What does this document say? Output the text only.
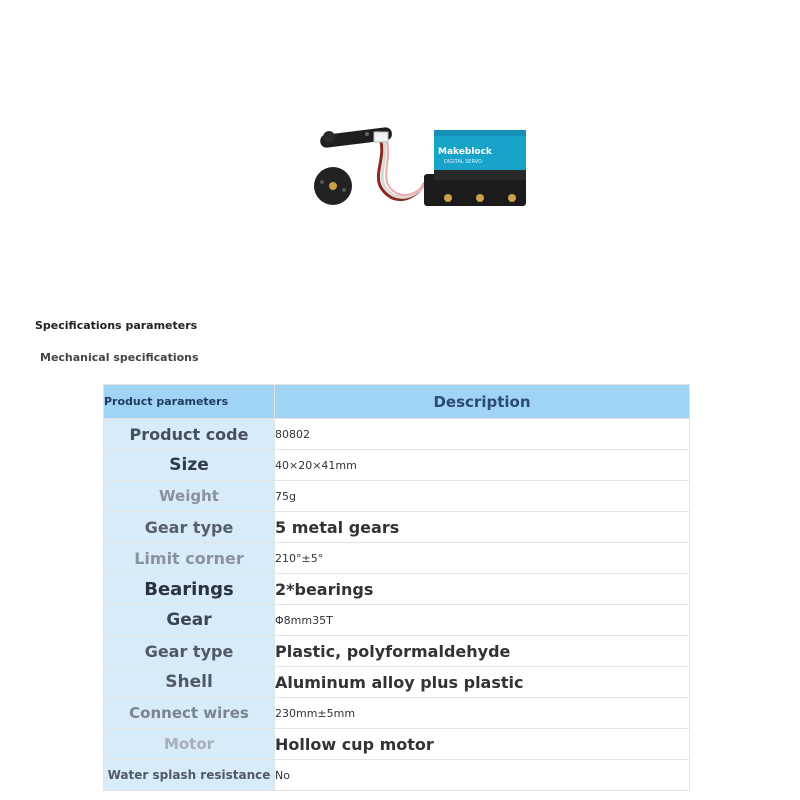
Makeblock
DIGITAL SERVO
Specifications parameters
Mechanical specifications
Product parameters	Description
Product code	80802
Size	40×20×41mm
Weight	75g
Gear type	5 metal gears
Limit corner	210°±5°
Bearings	2*bearings
Gear	Φ8mm35T
Gear type	Plastic, polyformaldehyde
Shell	Aluminum alloy plus plastic
Connect wires	230mm±5mm
Motor	Hollow cup motor
Water splash resistance	No
